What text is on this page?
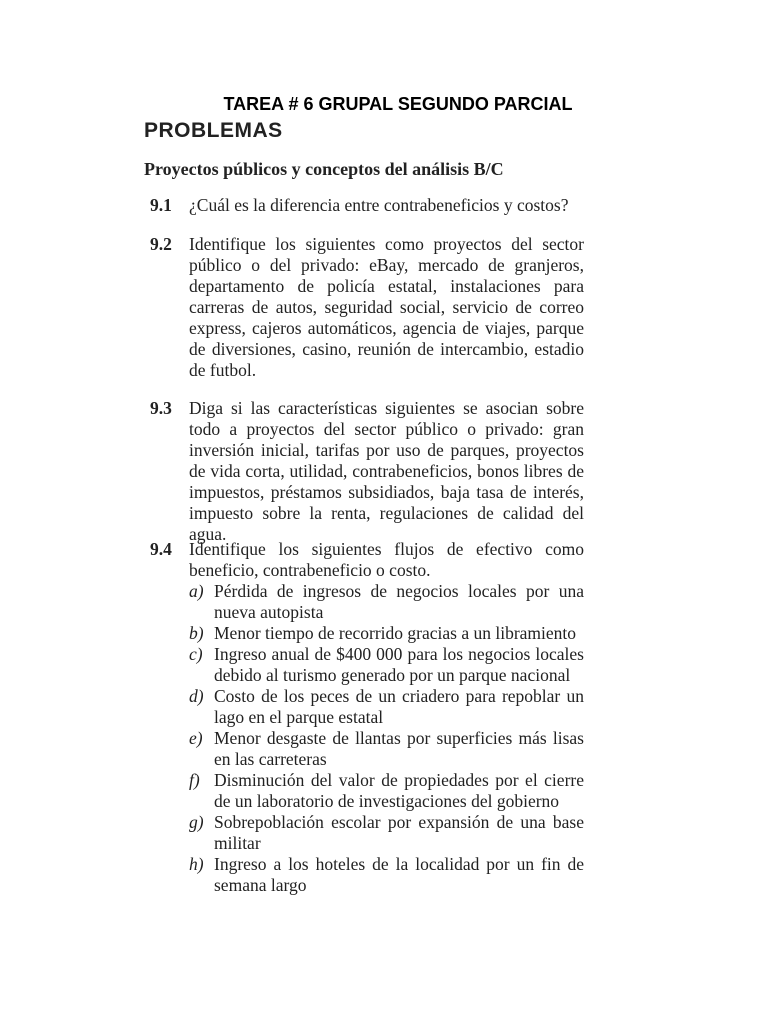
TAREA # 6 GRUPAL SEGUNDO PARCIAL
PROBLEMAS
Proyectos públicos y conceptos del análisis B/C
9.1 ¿Cuál es la diferencia entre contrabeneficios y costos?
9.2 Identifique los siguientes como proyectos del sector público o del privado: eBay, mercado de granjeros, departamento de policía estatal, instalaciones para carreras de autos, seguridad social, servicio de correo express, cajeros automáticos, agencia de viajes, parque de diversiones, casino, reunión de intercambio, estadio de futbol.
9.3 Diga si las características siguientes se asocian sobre todo a proyectos del sector público o privado: gran inversión inicial, tarifas por uso de parques, proyectos de vida corta, utilidad, contrabeneficios, bonos libres de impuestos, préstamos subsidiados, baja tasa de interés, impuesto sobre la renta, regulaciones de calidad del agua.
9.4 Identifique los siguientes flujos de efectivo como beneficio, contrabeneficio o costo.
a) Pérdida de ingresos de negocios locales por una nueva autopista
b) Menor tiempo de recorrido gracias a un libramiento
c) Ingreso anual de $400 000 para los negocios locales debido al turismo generado por un parque nacional
d) Costo de los peces de un criadero para repoblar un lago en el parque estatal
e) Menor desgaste de llantas por superficies más lisas en las carreteras
f) Disminución del valor de propiedades por el cierre de un laboratorio de investigaciones del gobierno
g) Sobrepoblación escolar por expansión de una base militar
h) Ingreso a los hoteles de la localidad por un fin de semana largo
